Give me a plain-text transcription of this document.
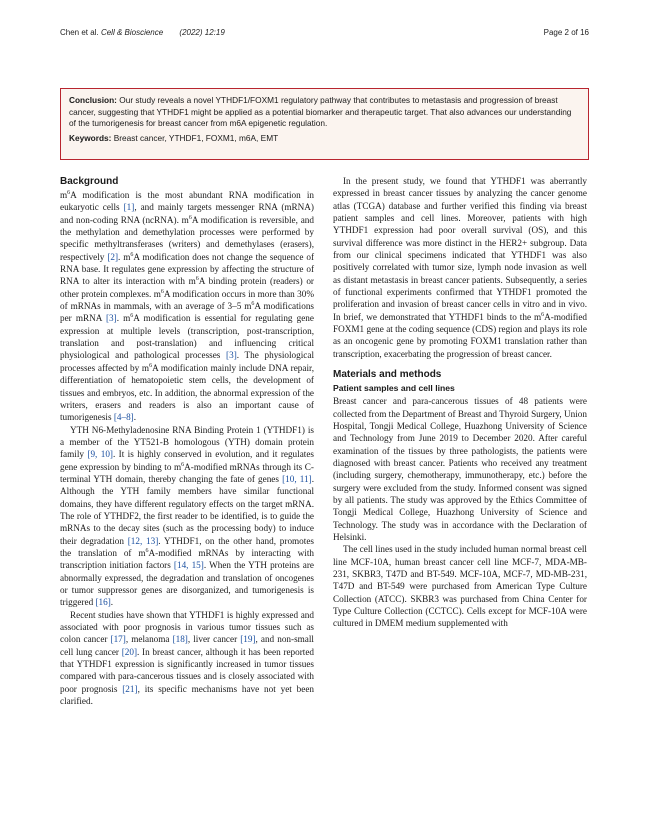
Chen et al. Cell & Bioscience (2022) 12:19	Page 2 of 16

Conclusion: Our study reveals a novel YTHDF1/FOXM1 regulatory pathway that contributes to metastasis and progression of breast cancer, suggesting that YTHDF1 might be applied as a potential biomarker and therapeutic target. That also advances our understanding of the tumorigenesis for breast cancer from m6A epigenetic regulation.

Keywords: Breast cancer, YTHDF1, FOXM1, m6A, EMT

Background

$m^6A$ modification is the most abundant RNA modification in eukaryotic cells [1], and mainly targets messenger RNA (mRNA) and non-coding RNA (ncRNA). $m^6A$ modification is reversible, and the methylation and demethylation processes were performed by specific methyltransferases (writers) and demethylases (erasers), respectively [2]. $m^6A$ modification does not change the sequence of RNA base. It regulates gene expression by affecting the structure of RNA to alter its interaction with $m^6A$ binding protein (readers) or other protein complexes. $m^6A$ modification occurs in more than 30% of mRNAs in mammals, with an average of 3–5 $m^6A$ modifications per mRNA [3]. $m^6A$ modification is essential for regulating gene expression at multiple levels (transcription, post-transcription, translation and post-translation) and influencing critical physiological and pathological processes [3]. The physiological processes affected by $m^6A$ modification mainly include DNA repair, differentiation of hematopoietic stem cells, the development of tissues and embryos, etc. In addition, the abnormal expression of the writers, erasers and readers is also an important cause of tumorigenesis [4–8].

YTH N6-Methyladenosine RNA Binding Protein 1 (YTHDF1) is a member of the YT521-B homologous (YTH) domain protein family [9, 10]. It is highly conserved in evolution, and it regulates gene expression by binding to $m^6A$-modified mRNAs through its C-terminal YTH domain, thereby changing the fate of genes [10, 11]. Although the YTH family members have similar functional domains, they have different regulatory effects on the target mRNA. The role of YTHDF2, the first reader to be identified, is to guide the mRNAs to the decay sites (such as the processing body) to induce their degradation [12, 13]. YTHDF1, on the other hand, promotes the translation of $m^6A$-modified mRNAs by interacting with transcription initiation factors [14, 15]. When the YTH proteins are abnormally expressed, the degradation and translation of oncogenes or tumor suppressor genes are disorganized, and tumorigenesis is triggered [16].

Recent studies have shown that YTHDF1 is highly expressed and associated with poor prognosis in various tumor tissues such as colon cancer [17], melanoma [18], liver cancer [19], and non-small cell lung cancer [20]. In breast cancer, although it has been reported that YTHDF1 expression is significantly increased in tumor tissues compared with para-cancerous tissues and is closely associated with poor prognosis [21], its specific mechanisms have not yet been clarified.

In the present study, we found that YTHDF1 was aberrantly expressed in breast cancer tissues by analyzing the cancer genome atlas (TCGA) database and further verified this finding via breast patient samples and cell lines. Moreover, patients with high YTHDF1 expression had poor overall survival (OS), and this survival difference was more distinct in the HER2+ subgroup. Data from our clinical specimens indicated that YTHDF1 was also positively correlated with tumor size, lymph node invasion as well as distant metastasis in breast cancer patients. Subsequently, a series of functional experiments confirmed that YTHDF1 promoted the proliferation and invasion of breast cancer cells in vitro and in vivo. In brief, we demonstrated that YTHDF1 binds to the $m^6A$-modified FOXM1 gene at the coding sequence (CDS) region and plays its role as an oncogenic gene by promoting FOXM1 translation rather than transcription, exacerbating the progression of breast cancer.

Materials and methods
Patient samples and cell lines

Breast cancer and para-cancerous tissues of 48 patients were collected from the Department of Breast and Thyroid Surgery, Union Hospital, Tongji Medical College, Huazhong University of Science and Technology from June 2019 to December 2020. After careful examination of the tissues by three pathologists, the patients were diagnosed with breast cancer. Patients who received any treatment (including surgery, chemotherapy, immunotherapy, etc.) before the surgery were excluded from the study. Informed consent was signed by all patients. The study was approved by the Ethics Committee of Tongji Medical College, Huazhong University of Science and Technology. The study was in accordance with the Declaration of Helsinki.

The cell lines used in the study included human normal breast cell line MCF-10A, human breast cancer cell line MCF-7, MDA-MB-231, SKBR3, T47D and BT-549. MCF-10A, MCF-7, MD-MB-231, T47D and BT-549 were purchased from American Type Culture Collection (ATCC). SKBR3 was purchased from China Center for Type Culture Collection (CCTCC). Cells except for MCF-10A were cultured in DMEM medium supplemented with
